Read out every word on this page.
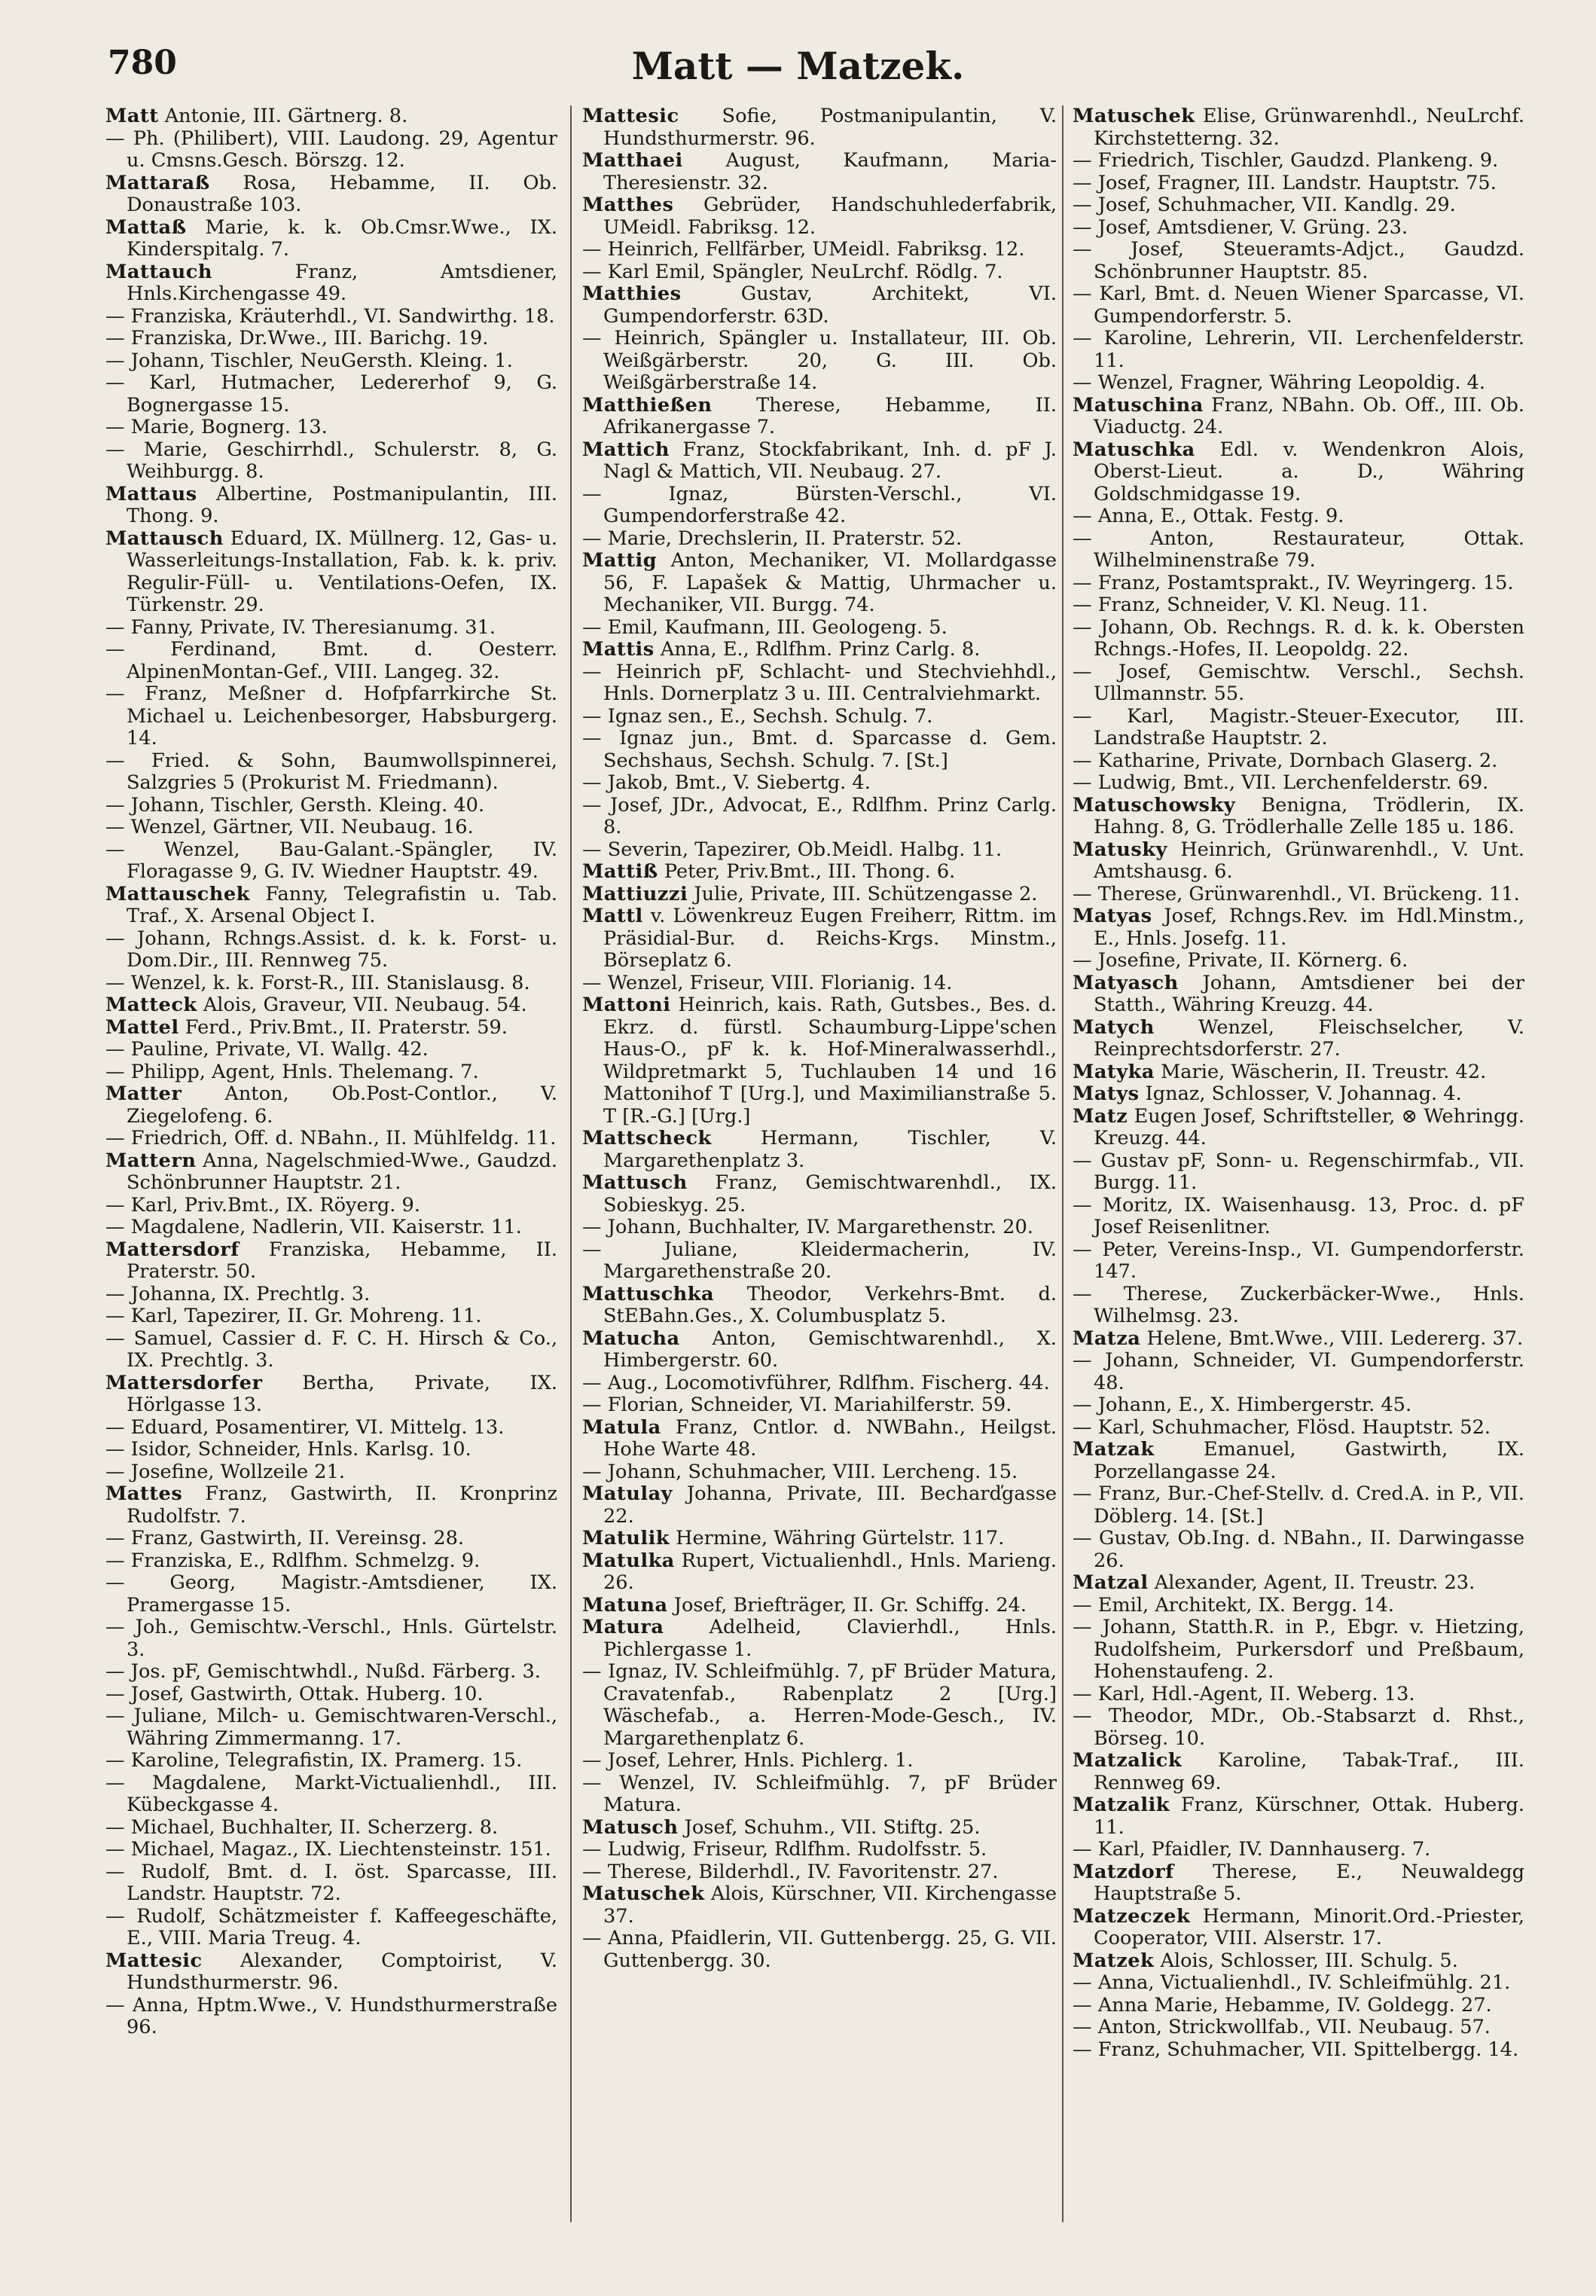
780	Matt — Matzek.
Matt Antonie, III. Gärtnerg. 8.
— Ph. (Philibert), VIII. Laudong. 29, Agentur u. Cmsns.Gesch. Börszg. 12.
Mattaraß Rosa, Hebamme, II. Ob. Donaustraße 103.
Mattaß Marie, k. k. Ob.Cmsr.Wwe., IX. Kinderspitalg. 7.
Mattauch	Franz, Amtsdiener, Hnls.Kirchengasse 49.
— Franziska, Kräuterhdl., VI. Sandwirthg. 18.
— Franziska, Dr.Wwe., III. Barichg. 19.
— Johann, Tischler, NeuGersth. Kleing. 1.
— Karl, Hutmacher, Ledererhof 9, G. Bognergasse 15.
— Marie, Bognerg. 13.
— Marie, Geschirrhdl., Schulerstr. 8, G. Weihburgg. 8.
Mattaus Albertine, Postmanipulantin, III. Thong. 9.
Mattausch Eduard, IX. Müllnerg. 12, Gas- u. Wasserleitungs-Installation, Fab. k. k. priv. Regulir-Füll- u. Ventilations-Oefen, IX. Türkenstr. 29.
— Fanny, Private, IV. Theresianumg. 31.
— Ferdinand, Bmt. d. Oesterr. AlpinenMontan-Gef., VIII. Langeg. 32.
— Franz, Meßner d. Hofpfarrkirche St. Michael u. Leichenbesorger, Habsburgerg. 14.
— Fried. & Sohn, Baumwollspinnerei, Salzgries 5 (Prokurist M. Friedmann).
— Johann, Tischler, Gersth. Kleing. 40.
— Wenzel, Gärtner, VII. Neubaug. 16.
— Wenzel, Bau-Galant.-Spängler, IV. Floragasse 9, G. IV. Wiedner Hauptstr. 49.
Mattauschek Fanny, Telegrafistin u. Tab. Traf., X. Arsenal Object I.
— Johann, Rchngs.Assist. d. k. k. Forst- u. Dom.Dir., III. Rennweg 75.
— Wenzel, k. k. Forst-R., III. Stanislausg. 8.
Matteck Alois, Graveur, VII. Neubaug. 54.
Mattel Ferd., Priv.Bmt., II. Praterstr. 59.
— Pauline, Private, VI. Wallg. 42.
— Philipp, Agent, Hnls. Thelemang. 7.
Matter Anton, Ob.Post-Contlor., V. Ziegelofeng. 6.
— Friedrich, Off. d. NBahn., II. Mühlfeldg. 11.
Mattern Anna, Nagelschmied-Wwe., Gaudzd. Schönbrunner Hauptstr. 21.
— Karl, Priv.Bmt., IX. Röyerg. 9.
— Magdalene, Nadlerin, VII. Kaiserstr. 11.
Mattersdorf Franziska, Hebamme, II. Praterstr. 50.
— Johanna, IX. Prechtlg. 3.
— Karl, Tapezirer, II. Gr. Mohreng. 11.
— Samuel, Cassier d. F. C. H. Hirsch & Co., IX. Prechtlg. 3.
Mattersdorfer Bertha, Private, IX. Hörlgasse 13.
— Eduard, Posamentirer, VI. Mittelg. 13.
— Isidor, Schneider, Hnls. Karlsg. 10.
— Josefine, Wollzeile 21.
Mattes Franz, Gastwirth, II. Kronprinz Rudolfstr. 7.
— Franz, Gastwirth, II. Vereinsg. 28.
— Franziska, E., Rdlfhm. Schmelzg. 9.
— Georg, Magistr.-Amtsdiener, IX. Pramergasse 15.
— Joh., Gemischtw.-Verschl., Hnls. Gürtelstr. 3.
— Jos. pF, Gemischtwhdl., Nußd. Färberg. 3.
— Josef, Gastwirth, Ottak. Huberg. 10.
— Juliane, Milch- u. Gemischtwaren-Verschl., Währing Zimmermanng. 17.
— Karoline, Telegrafistin, IX. Pramerg. 15.
— Magdalene, Markt-Victualienhdl., III. Kübeckgasse 4.
— Michael, Buchhalter, II. Scherzerg. 8.
— Michael, Magaz., IX. Liechtensteinstr. 151.
— Rudolf, Bmt. d. I. öst. Sparcasse, III. Landstr. Hauptstr. 72.
— Rudolf, Schätzmeister f. Kaffeegeschäfte, E., VIII. Maria Treug. 4.
Mattesic Alexander, Comptoirist, V. Hundsthurmerstr. 96.
— Anna, Hptm.Wwe., V. Hundsthurmerstraße 96.
Mattesic Sofie, Postmanipulantin, V. Hundsthurmerstr. 96.
Matthaei August, Kaufmann, Maria-Theresienstr. 32.
Matthes Gebrüder, Handschuhlederfabrik, UMeidl. Fabriksg. 12.
— Heinrich, Fellfärber, UMeidl. Fabriksg. 12.
— Karl Emil, Spängler, NeuLrchf. Rödlg. 7.
Matthies	Gustav, Architekt, VI. Gumpendorferstr. 63D.
— Heinrich, Spängler u. Installateur, III. Ob. Weißgärberstr. 20, G. III. Ob. Weißgärberstraße 14.
Matthießen Therese, Hebamme, II. Afrikanergasse 7.
Mattich Franz, Stockfabrikant, Inh. d. pF J. Nagl & Mattich, VII. Neubaug. 27.
— Ignaz, Bürsten-Verschl., VI. Gumpendorferstraße 42.
— Marie, Drechslerin, II. Praterstr. 52.
Mattig Anton, Mechaniker, VI. Mollardgasse 56, F. Lapašek & Mattig, Uhrmacher u. Mechaniker, VII. Burgg. 74.
— Emil, Kaufmann, III. Geologeng. 5.
Mattis Anna, E., Rdlfhm. Prinz Carlg. 8.
— Heinrich pF, Schlacht- und Stechviehhdl., Hnls. Dornerplatz 3 u. III. Centralviehmarkt.
— Ignaz sen., E., Sechsh. Schulg. 7.
— Ignaz jun., Bmt. d. Sparcasse d. Gem. Sechshaus, Sechsh. Schulg. 7. [St.]
— Jakob, Bmt., V. Siebertg. 4.
— Josef, JDr., Advocat, E., Rdlfhm. Prinz Carlg. 8.
— Severin, Tapezirer, Ob.Meidl. Halbg. 11.
Mattiß Peter, Priv.Bmt., III. Thong. 6.
Mattiuzzi Julie, Private, III. Schützengasse 2.
Mattl v. Löwenkreuz Eugen Freiherr, Rittm. im Präsidial-Bur. d. Reichs-Krgs. Minstm., Börseplatz 6.
— Wenzel, Friseur, VIII. Florianig. 14.
Mattoni Heinrich, kais. Rath, Gutsbes., Bes. d. Ekrz. d. fürstl. Schaumburg-Lippe'schen Haus-O., pF k. k. Hof-Mineralwasserhdl., Wildpretmarkt 5, Tuchlauben 14 und 16 Mattonihof T [Urg.], und Maximilianstraße 5. T [R.-G.] [Urg.]
Mattscheck	Hermann, Tischler, V. Margarethenplatz 3.
Mattusch Franz, Gemischtwarenhdl., IX. Sobieskyg. 25.
— Johann, Buchhalter, IV. Margarethenstr. 20.
— Juliane, Kleidermacherin, IV. Margarethenstraße 20.
Mattuschka Theodor, Verkehrs-Bmt. d. StEBahn.Ges., X. Columbusplatz 5.
Matucha Anton, Gemischtwarenhdl., X. Himbergerstr. 60.
— Aug., Locomotivführer, Rdlfhm. Fischerg. 44.
— Florian, Schneider, VI. Mariahilferstr. 59.
Matula Franz, Cntlor. d. NWBahn., Heilgst. Hohe Warte 48.
— Johann, Schuhmacher, VIII. Lercheng. 15.
Matulay Johanna, Private, III. Becharďgasse 22.
Matulik Hermine, Währing Gürtelstr. 117.
Matulka Rupert, Victualienhdl., Hnls. Marieng. 26.
Matuna Josef, Briefträger, II. Gr. Schiffg. 24.
Matura Adelheid, Clavierhdl., Hnls. Pichlergasse 1.
— Ignaz, IV. Schleifmühlg. 7, pF Brüder Matura, Cravatenfab., Rabenplatz 2 [Urg.] Wäschefab., a. Herren-Mode-Gesch., IV. Margarethenplatz 6.
— Josef, Lehrer, Hnls. Pichlerg. 1.
— Wenzel, IV. Schleifmühlg. 7, pF Brüder Matura.
Matusch Josef, Schuhm., VII. Stiftg. 25.
— Ludwig, Friseur, Rdlfhm. Rudolfsstr. 5.
— Therese, Bilderhdl., IV. Favoritenstr. 27.
Matuschek Alois, Kürschner, VII. Kirchengasse 37.
— Anna, Pfaidlerin, VII. Guttenbergg. 25, G. VII. Guttenbergg. 30.
Matuschek Elise, Grünwarenhdl., NeuLrchf. Kirchstetterng. 32.
— Friedrich, Tischler, Gaudzd. Plankeng. 9.
— Josef, Fragner, III. Landstr. Hauptstr. 75.
— Josef, Schuhmacher, VII. Kandlg. 29.
— Josef, Amtsdiener, V. Grüng. 23.
— Josef, Steueramts-Adjct., Gaudzd. Schönbrunner Hauptstr. 85.
— Karl, Bmt. d. Neuen Wiener Sparcasse, VI. Gumpendorferstr. 5.
— Karoline, Lehrerin, VII. Lerchenfelderstr. 11.
— Wenzel, Fragner, Währing Leopoldig. 4.
Matuschina Franz, NBahn. Ob. Off., III. Ob. Viaductg. 24.
Matuschka Edl. v. Wendenkron Alois, Oberst-Lieut. a. D., Währing Goldschmidgasse 19.
— Anna, E., Ottak. Festg. 9.
— Anton, Restaurateur, Ottak. Wilhelminenstraße 79.
— Franz, Postamtsprakt., IV. Weyringerg. 15.
— Franz, Schneider, V. Kl. Neug. 11.
— Johann, Ob. Rechngs. R. d. k. k. Obersten Rchngs.-Hofes, II. Leopoldg. 22.
— Josef, Gemischtw. Verschl., Sechsh. Ullmannstr. 55.
— Karl, Magistr.-Steuer-Executor, III. Landstraße Hauptstr. 2.
— Katharine, Private, Dornbach Glaserg. 2.
— Ludwig, Bmt., VII. Lerchenfelderstr. 69.
Matuschowsky Benigna, Trödlerin, IX. Hahng. 8, G. Trödlerhalle Zelle 185 u. 186.
Matusky Heinrich, Grünwarenhdl., V. Unt. Amtshausg. 6.
— Therese, Grünwarenhdl., VI. Brückeng. 11.
Matyas Josef, Rchngs.Rev. im Hdl.Minstm., E., Hnls. Josefg. 11.
— Josefine, Private, II. Körnerg. 6.
Matyasch Johann, Amtsdiener bei der Statth., Währing Kreuzg. 44.
Matych Wenzel, Fleischselcher, V. Reinprechtsdorferstr. 27.
Matyka Marie, Wäscherin, II. Treustr. 42.
Matys Ignaz, Schlosser, V. Johannag. 4.
Matz Eugen Josef, Schriftsteller, ⊗ Wehringg. Kreuzg. 44.
— Gustav pF, Sonn- u. Regenschirmfab., VII. Burgg. 11.
— Moritz, IX. Waisenhausg. 13, Proc. d. pF Josef Reisenlitner.
— Peter, Vereins-Insp., VI. Gumpendorferstr. 147.
— Therese, Zuckerbäcker-Wwe., Hnls. Wilhelmsg. 23.
Matza Helene, Bmt.Wwe., VIII. Ledererg. 37.
— Johann, Schneider, VI. Gumpendorferstr. 48.
— Johann, E., X. Himbergerstr. 45.
— Karl, Schuhmacher, Flösd. Hauptstr. 52.
Matzak	Emanuel, Gastwirth, IX. Porzellangasse 24.
— Franz, Bur.-Chef-Stellv. d. Cred.A. in P., VII. Döblerg. 14. [St.]
— Gustav, Ob.Ing. d. NBahn., II. Darwingasse 26.
Matzal Alexander, Agent, II. Treustr. 23.
— Emil, Architekt, IX. Bergg. 14.
— Johann, Statth.R. in P., Ebgr. v. Hietzing, Rudolfsheim, Purkersdorf und Preßbaum, Hohenstaufeng. 2.
— Karl, Hdl.-Agent, II. Weberg. 13.
— Theodor, MDr., Ob.-Stabsarzt d. Rhst., Börseg. 10.
Matzalick Karoline, Tabak-Traf., III. Rennweg 69.
Matzalik Franz, Kürschner, Ottak. Huberg. 11.
— Karl, Pfaidler, IV. Dannhauserg. 7.
Matzdorf Therese, E., Neuwaldegg Hauptstraße 5.
Matzeczek Hermann, Minorit.Ord.-Priester, Cooperator, VIII. Alserstr. 17.
Matzek Alois, Schlosser, III. Schulg. 5.
— Anna, Victualienhdl., IV. Schleifmühlg. 21.
— Anna Marie, Hebamme, IV. Goldegg. 27.
— Anton, Strickwollfab., VII. Neubaug. 57.
— Franz, Schuhmacher, VII. Spittelbergg. 14.
